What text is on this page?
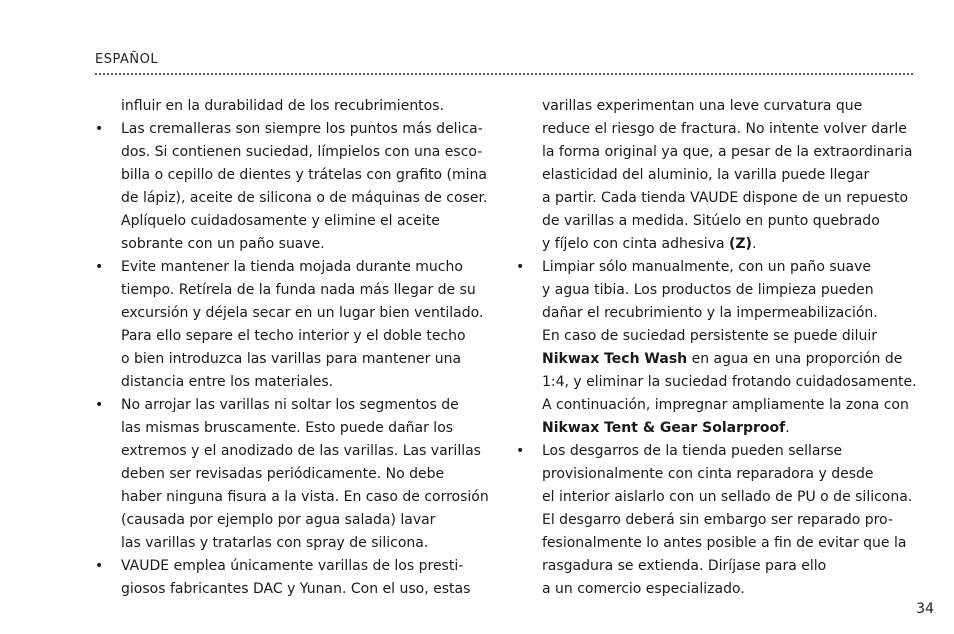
ESPAÑOL
influir en la durabilidad de los recubrimientos.
•	Las cremalleras son siempre los puntos más delica-
dos. Si contienen suciedad, límpielos con una esco-
billa o cepillo de dientes y trátelas con grafito (mina
de lápiz), aceite de silicona o de máquinas de coser.
Aplíquelo cuidadosamente y elimine el aceite
sobrante con un paño suave.
•	Evite mantener la tienda mojada durante mucho
tiempo. Retírela de la funda nada más llegar de su
excursión y déjela secar en un lugar bien ventilado.
Para ello separe el techo interior y el doble techo
o bien introduzca las varillas para mantener una
distancia entre los materiales.
•	No arrojar las varillas ni soltar los segmentos de
las mismas bruscamente. Esto puede dañar los
extremos y el anodizado de las varillas. Las varillas
deben ser revisadas periódicamente. No debe
haber ninguna fisura a la vista. En caso de corrosión
(causada por ejemplo por agua salada) lavar
las varillas y tratarlas con spray de silicona.
•	VAUDE emplea únicamente varillas de los presti-
giosos fabricantes DAC y Yunan. Con el uso, estas
varillas experimentan una leve curvatura que
reduce el riesgo de fractura. No intente volver darle
la forma original ya que, a pesar de la extraordinaria
elasticidad del aluminio, la varilla puede llegar
a partir. Cada tienda VAUDE dispone de un repuesto
de varillas a medida. Sitúelo en punto quebrado
y fíjelo con cinta adhesiva (Z).
•	Limpiar sólo manualmente, con un paño suave
y agua tibia. Los productos de limpieza pueden
dañar el recubrimiento y la impermeabilización.
En caso de suciedad persistente se puede diluir
Nikwax Tech Wash en agua en una proporción de
1:4, y eliminar la suciedad frotando cuidadosamente.
A continuación, impregnar ampliamente la zona con
Nikwax Tent & Gear Solarproof.
•	Los desgarros de la tienda pueden sellarse
provisionalmente con cinta reparadora y desde
el interior aislarlo con un sellado de PU o de silicona.
El desgarro deberá sin embargo ser reparado pro-
fesionalmente lo antes posible a fin de evitar que la
rasgadura se extienda. Diríjase para ello
a un comercio especializado.
34
